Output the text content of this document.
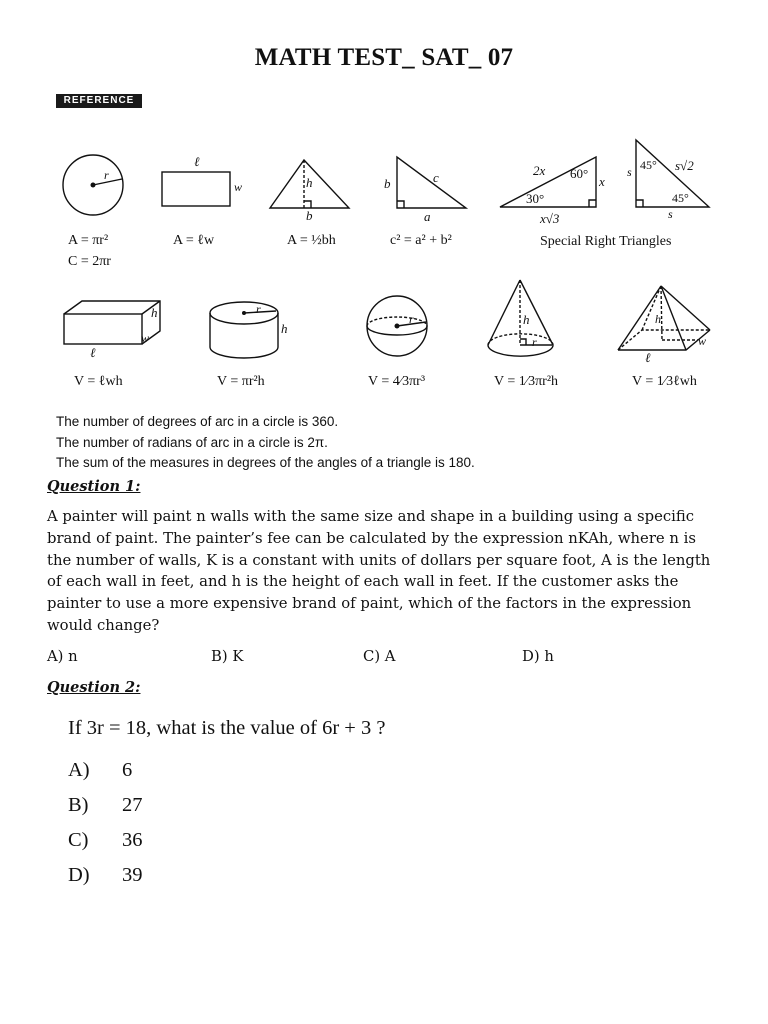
MATH TEST_ SAT_ 07
REFERENCE
r
ℓ
w	h
b
b	c
a
2x 60°
x
30°
x√3
45° s√2
s
45°
s
h
w
ℓ
r
h
r	h
r
h
w
ℓ
A = πr²
C = 2πr
A = ℓw	A = ½bh	c² = a² + b²	Special Right Triangles
V = ℓwh	V = πr²h	V = 4⁄3πr³	V = 1⁄3πr²h	V = 1⁄3ℓwh
The number of degrees of arc in a circle is 360.
The number of radians of arc in a circle is 2π.
The sum of the measures in degrees of the angles of a triangle is 180.
Question 1:
A painter will paint n walls with the same size and shape in a building using a specific
brand of paint. The painter’s fee can be calculated by the expression nKAh, where n is
the number of walls, K is a constant with units of dollars per square foot, A is the length
of each wall in feet, and h is the height of each wall in feet. If the customer asks the
painter to use a more expensive brand of paint, which of the factors in the expression
would change?
A) n	B) K	C) A	D) h
Question 2:
If 3r = 18, what is the value of 6r + 3 ?
A) 6
B) 27
C) 36
D) 39
